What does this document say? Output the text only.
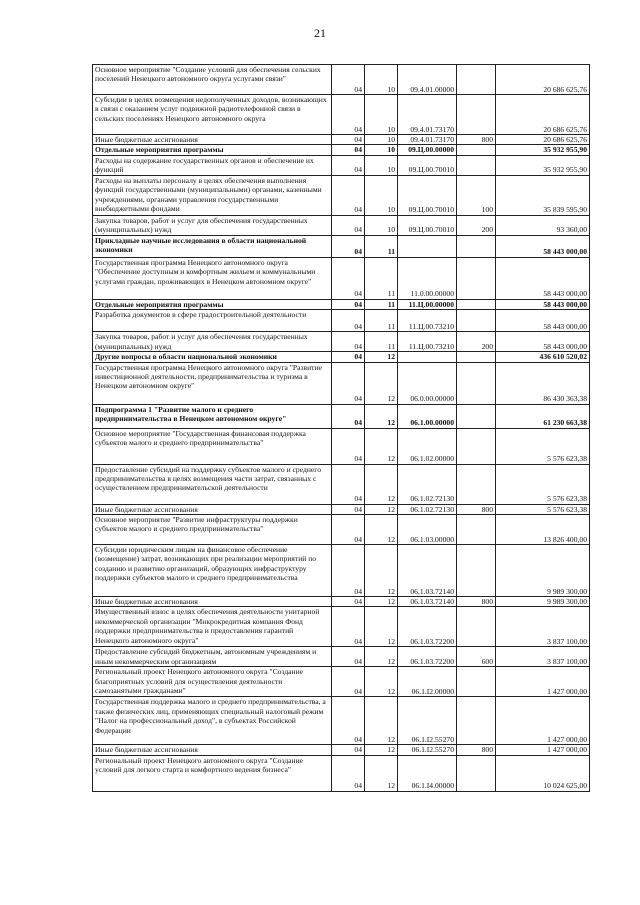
21
Основное мероприятие "Создание условий для обеспечения сельских поселений Ненецкого автономного округа услугами связи"	04	10	09.4.01.00000		20 686 625,76
Субсидии в целях возмещения недополученных доходов, возникающих в связи с оказанием услуг подвижной радиотелефонной связи в сельских поселениях Ненецкого автономного округа	04	10	09.4.01.73170		20 686 625,76
Иные бюджетные ассигнования	04	10	09.4.01.73170	800	20 686 625,76
Отдельные мероприятия программы	04	10	09.Ц.00.00000		35 932 955,90
Расходы на содержание государственных органов и обеспечение их функций	04	10	09.Ц.00.70010		35 932 955,90
Расходы на выплаты персоналу в целях обеспечения выполнения функций государственными (муниципальными) органами, казенными учреждениями, органами управления государственными внебюджетными фондами	04	10	09.Ц.00.70010	100	35 839 595,90
Закупка товаров, работ и услуг для обеспечения государственных (муниципальных) нужд	04	10	09.Ц.00.70010	200	93 360,00
Прикладные научные исследования в области национальной экономики	04	11			58 443 000,00
Государственная программа Ненецкого автономного округа "Обеспечение доступным и комфортным жильем и коммунальными услугами граждан, проживающих в Ненецком автономном округе"	04	11	11.0.00.00000		58 443 000,00
Отдельные мероприятия программы	04	11	11.Ц.00.00000		58 443 000,00
Разработка документов в сфере градостроительной деятельности	04	11	11.Ц.00.73210		58 443 000,00
Закупка товаров, работ и услуг для обеспечения государственных (муниципальных) нужд	04	11	11.Ц.00.73210	200	58 443 000,00
Другие вопросы в области национальной экономики	04	12			436 610 520,02
Государственная программа Ненецкого автономного округа "Развитие инвестиционной деятельности, предпринимательства и туризма в Ненецком автономном округе"	04	12	06.0.00.00000		86 430 363,38
Подпрограмма 1 "Развитие малого и среднего предпринимательства в Ненецком автономном округе"	04	12	06.1.00.00000		61 230 663,38
Основное мероприятие "Государственная финансовая поддержка субъектов малого и среднего предпринимательства"	04	12	06.1.02.00000		5 576 623,38
Предоставление субсидий на поддержку субъектов малого и среднего предпринимательства в целях возмещения части затрат, связанных с осуществлением предпринимательской деятельности	04	12	06.1.02.72130		5 576 623,38
Иные бюджетные ассигнования	04	12	06.1.02.72130	800	5 576 623,38
Основное мероприятие "Развитие инфраструктуры поддержки субъектов малого и среднего предпринимательства"	04	12	06.1.03.00000		13 826 400,00
Субсидии юридическим лицам на финансовое обеспечение (возмещение) затрат, возникающих при реализации мероприятий по созданию и развитию организаций, образующих инфраструктуру поддержки субъектов малого и среднего предпринимательства	04	12	06.1.03.72140		9 989 300,00
Иные бюджетные ассигнования	04	12	06.1.03.72140	800	9 989 300,00
Имущественный взнос в целях обеспечения деятельности унитарной некоммерческой организации "Микрокредитная компания Фонд поддержки предпринимательства и предоставления гарантий Ненецкого автономного округа"	04	12	06.1.03.72200		3 837 100,00
Предоставление субсидий бюджетным, автономным учреждениям и иным некоммерческим организациям	04	12	06.1.03.72200	600	3 837 100,00
Региональный проект Ненецкого автономного округа "Создание благоприятных условий для осуществления деятельности самозанятыми гражданами"	04	12	06.1.I2.00000		1 427 000,00
Государственная поддержка малого и среднего предпринимательства, а также физических лиц, применяющих специальный налоговый режим "Налог на профессиональный доход", в субъектах Российской Федерации	04	12	06.1.I2.55270		1 427 000,00
Иные бюджетные ассигнования	04	12	06.1.I2.55270	800	1 427 000,00
Региональный проект Ненецкого автономного округа "Создание условий для легкого старта и комфортного ведения бизнеса"	04	12	06.1.I4.00000		10 024 625,00
